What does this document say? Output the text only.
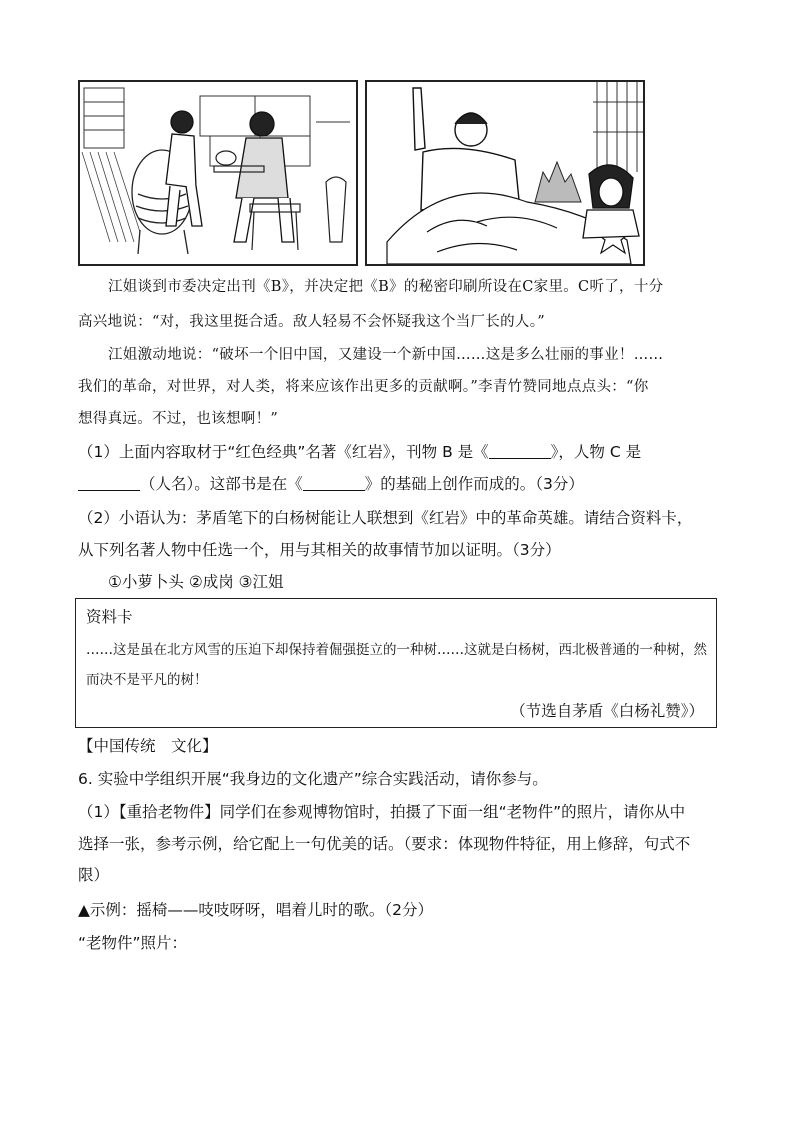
江姐谈到市委决定出刊《B》，并决定把《B》的秘密印刷所设在C家里。C听了，十分
高兴地说：“对，我这里挺合适。敌人轻易不会怀疑我这个当厂长的人。”
江姐激动地说：“破坏一个旧中国，又建设一个新中国……这是多么壮丽的事业！……
我们的革命，对世界，对人类，将来应该作出更多的贡献啊。”李青竹赞同地点点头：“你
想得真远。不过，也该想啊！”
（1）上面内容取材于“红色经典”名著《红岩》，刊物 B 是《	》，人物 C 是
（人名）。这部书是在《	》的基础上创作而成的。（3分）
（2）小语认为：茅盾笔下的白杨树能让人联想到《红岩》中的革命英雄。请结合资料卡，
从下列名著人物中任选一个，用与其相关的故事情节加以证明。（3分）
①小萝卜头 ②成岗 ③江姐
资料卡
……这是虽在北方风雪的压迫下却保持着倔强挺立的一种树……这就是白杨树，西北极普通的一种树，然而决不是平凡的树！
（节选自茅盾《白杨礼赞》）
【中国传统　文化】
6. 实验中学组织开展“我身边的文化遗产”综合实践活动，请你参与。
（1）【重拾老物件】同学们在参观博物馆时，拍摄了下面一组“老物件”的照片，请你从中
选择一张，参考示例，给它配上一句优美的话。（要求：体现物件特征，用上修辞，句式不
限）
▲示例：摇椅——吱吱呀呀，唱着儿时的歌。（2分）
“老物件”照片：
